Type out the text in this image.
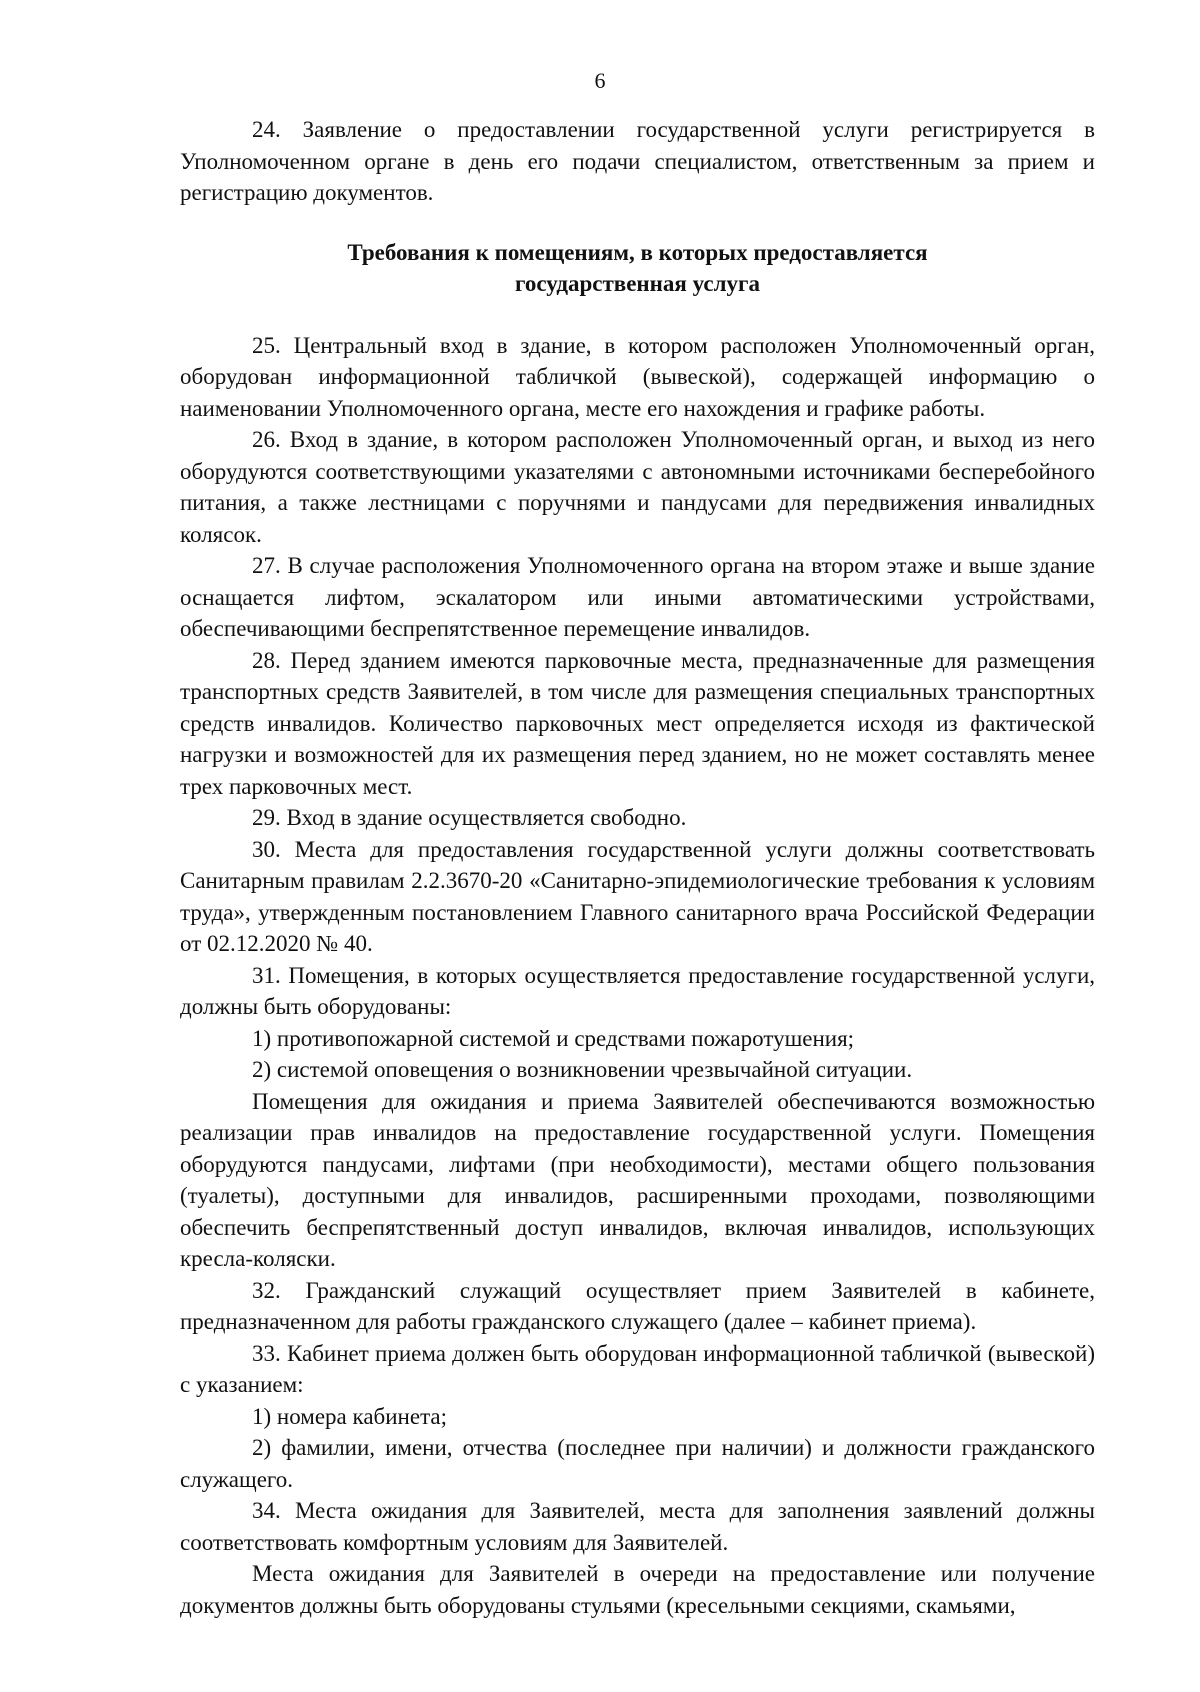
6

24. Заявление о предоставлении государственной услуги регистрируется в Уполномоченном органе в день его подачи специалистом, ответственным за прием и регистрацию документов.

Требования к помещениям, в которых предоставляется
государственная услуга

25. Центральный вход в здание, в котором расположен Уполномоченный орган, оборудован информационной табличкой (вывеской), содержащей информацию о наименовании Уполномоченного органа, месте его нахождения и графике работы.

26. Вход в здание, в котором расположен Уполномоченный орган, и выход из него оборудуются соответствующими указателями с автономными источниками бесперебойного питания, а также лестницами с поручнями и пандусами для передвижения инвалидных колясок.

27. В случае расположения Уполномоченного органа на втором этаже и выше здание оснащается лифтом, эскалатором или иными автоматическими устройствами, обеспечивающими беспрепятственное перемещение инвалидов.

28. Перед зданием имеются парковочные места, предназначенные для размещения транспортных средств Заявителей, в том числе для размещения специальных транспортных средств инвалидов. Количество парковочных мест определяется исходя из фактической нагрузки и возможностей для их размещения перед зданием, но не может составлять менее трех парковочных мест.

29. Вход в здание осуществляется свободно.

30. Места для предоставления государственной услуги должны соответствовать Санитарным правилам 2.2.3670-20 «Санитарно-эпидемиологические требования к условиям труда», утвержденным постановлением Главного санитарного врача Российской Федерации от 02.12.2020 № 40.

31. Помещения, в которых осуществляется предоставление государственной услуги, должны быть оборудованы:

1) противопожарной системой и средствами пожаротушения;

2) системой оповещения о возникновении чрезвычайной ситуации.

Помещения для ожидания и приема Заявителей обеспечиваются возможностью реализации прав инвалидов на предоставление государственной услуги. Помещения оборудуются пандусами, лифтами (при необходимости), местами общего пользования (туалеты), доступными для инвалидов, расширенными проходами, позволяющими обеспечить беспрепятственный доступ инвалидов, включая инвалидов, использующих кресла-коляски.

32. Гражданский служащий осуществляет прием Заявителей в кабинете, предназначенном для работы гражданского служащего (далее – кабинет приема).

33. Кабинет приема должен быть оборудован информационной табличкой (вывеской) с указанием:

1) номера кабинета;

2) фамилии, имени, отчества (последнее при наличии) и должности гражданского служащего.

34. Места ожидания для Заявителей, места для заполнения заявлений должны соответствовать комфортным условиям для Заявителей.

Места ожидания для Заявителей в очереди на предоставление или получение документов должны быть оборудованы стульями (кресельными секциями, скамьями,
